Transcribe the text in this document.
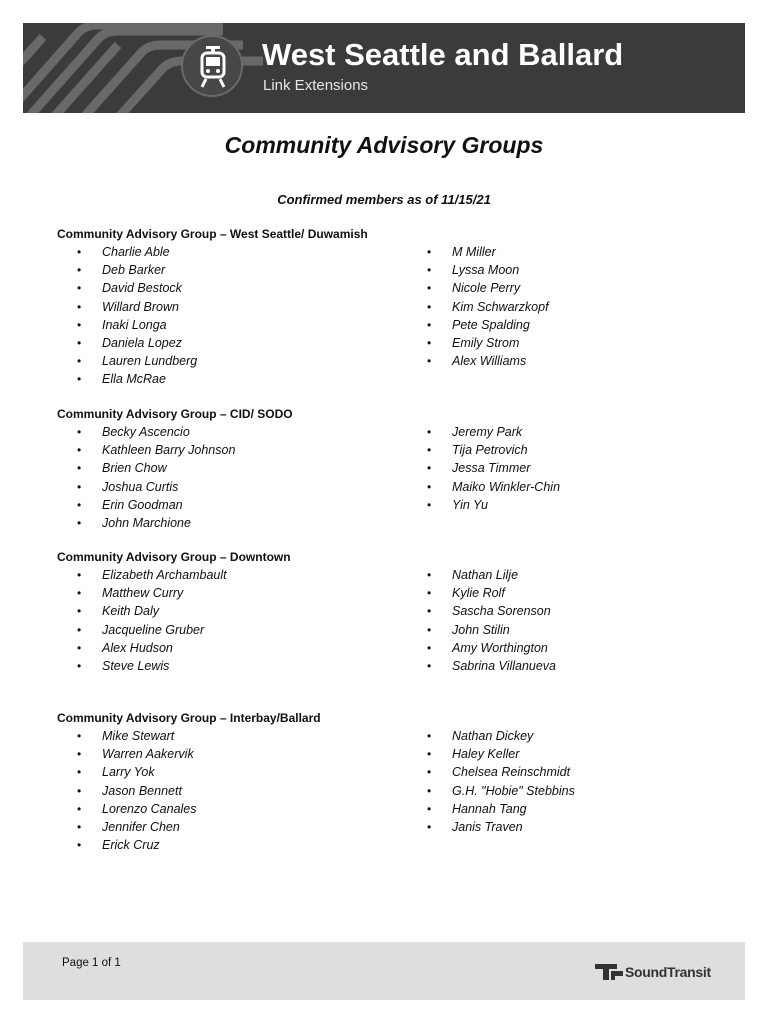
West Seattle and Ballard
Link Extensions
Community Advisory Groups
Confirmed members as of 11/15/21
Community Advisory Group – West Seattle/ Duwamish
• Charlie Able
• Deb Barker
• David Bestock
• Willard Brown
• Inaki Longa
• Daniela Lopez
• Lauren Lundberg
• Ella McRae
• M Miller
• Lyssa Moon
• Nicole Perry
• Kim Schwarzkopf
• Pete Spalding
• Emily Strom
• Alex Williams
Community Advisory Group – CID/ SODO
• Becky Ascencio
• Kathleen Barry Johnson
• Brien Chow
• Joshua Curtis
• Erin Goodman
• John Marchione
• Jeremy Park
• Tija Petrovich
• Jessa Timmer
• Maiko Winkler-Chin
• Yin Yu
Community Advisory Group – Downtown
• Elizabeth Archambault
• Matthew Curry
• Keith Daly
• Jacqueline Gruber
• Alex Hudson
• Steve Lewis
• Nathan Lilje
• Kylie Rolf
• Sascha Sorenson
• John Stilin
• Amy Worthington
• Sabrina Villanueva
Community Advisory Group – Interbay/Ballard
• Mike Stewart
• Warren Aakervik
• Larry Yok
• Jason Bennett
• Lorenzo Canales
• Jennifer Chen
• Erick Cruz
• Nathan Dickey
• Haley Keller
• Chelsea Reinschmidt
• G.H. "Hobie" Stebbins
• Hannah Tang
• Janis Traven
Page 1 of 1
SoundTransit
